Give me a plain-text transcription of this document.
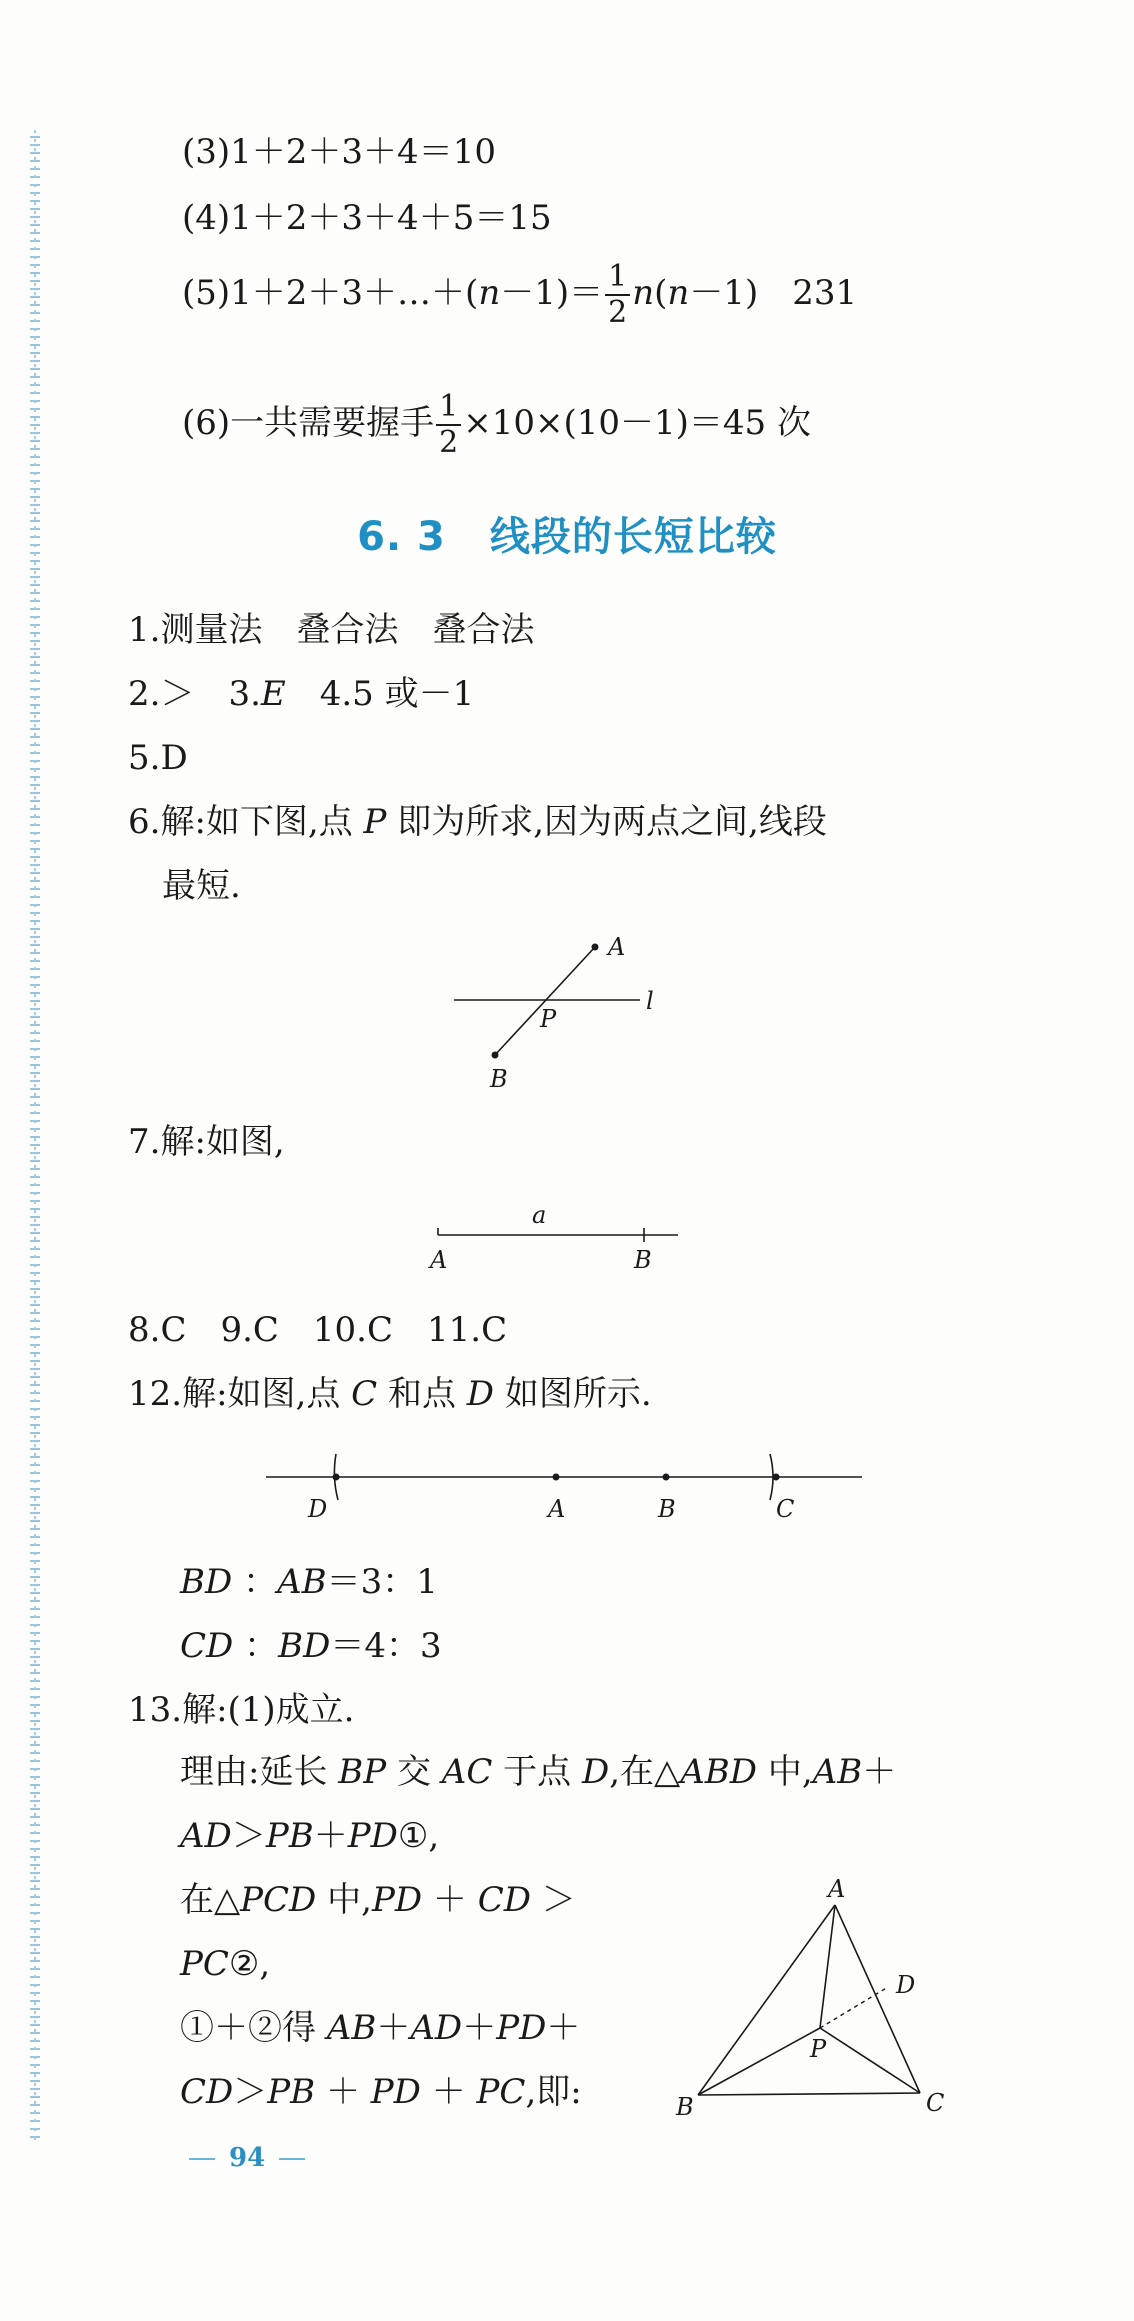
(3)1＋2＋3＋4＝10
(4)1＋2＋3＋4＋5＝15
(5)1＋2＋3＋…＋(n－1)＝ $\frac{1}{2} n(n-1)$　231
(6)一共需要握手 $\frac{1}{2} \times 10\times(10-1)=45$ 次
6. 3 线段的长短比较
1.测量法　叠合法　叠合法
2.＞　3.E　4.5 或－1
5.D
6.解:如下图,点 P 即为所求,因为两点之间,线段
最短.
A
P
l
B
7.解:如图,
a
A	B
8.C　9.C　10.C　11.C
12.解:如图,点 C 和点 D 如图所示.
D	A	B	C
BD ：AB＝3：1
CD ：BD＝4：3
13.解:(1)成立.
理由:延长 BP 交 AC 于点 D,在△ABD 中,AB＋
AD＞PB＋PD①,
在△PCD 中,PD ＋ CD ＞
PC②,
①＋②得 AB＋AD＋PD＋
CD＞PB ＋ PD ＋ PC,即:
A
D
P
B	C
94
